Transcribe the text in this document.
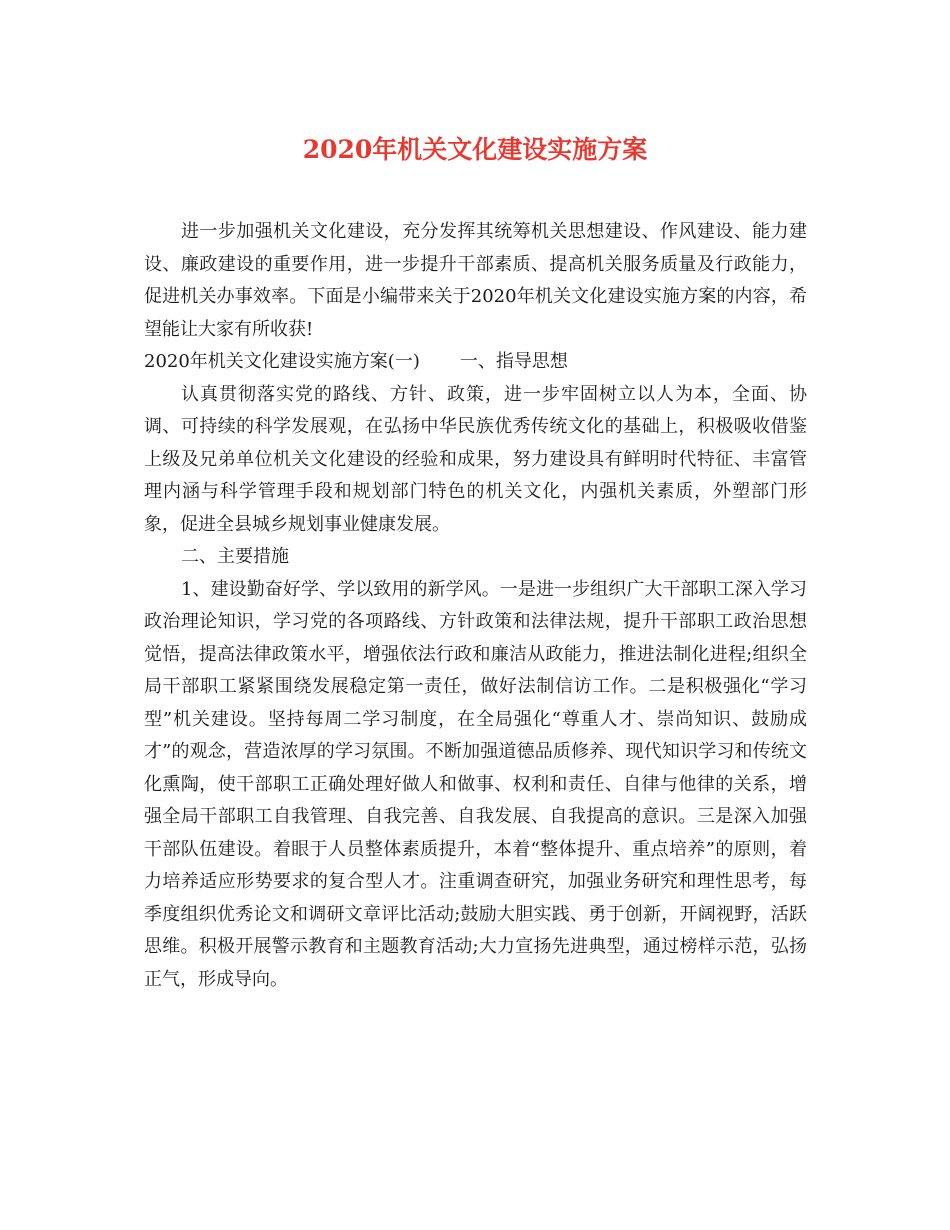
2020年机关文化建设实施方案

进一步加强机关文化建设，充分发挥其统筹机关思想建设、作风建设、能力建设、廉政建设的重要作用，进一步提升干部素质、提高机关服务质量及行政能力，促进机关办事效率。下面是小编带来关于2020年机关文化建设实施方案的内容，希望能让大家有所收获!

2020年机关文化建设实施方案(一) 一、指导思想

认真贯彻落实党的路线、方针、政策，进一步牢固树立以人为本，全面、协调、可持续的科学发展观，在弘扬中华民族优秀传统文化的基础上，积极吸收借鉴上级及兄弟单位机关文化建设的经验和成果，努力建设具有鲜明时代特征、丰富管理内涵与科学管理手段和规划部门特色的机关文化，内强机关素质，外塑部门形象，促进全县城乡规划事业健康发展。

二、主要措施

1、建设勤奋好学、学以致用的新学风。一是进一步组织广大干部职工深入学习政治理论知识，学习党的各项路线、方针政策和法律法规，提升干部职工政治思想觉悟，提高法律政策水平，增强依法行政和廉洁从政能力，推进法制化进程;组织全局干部职工紧紧围绕发展稳定第一责任，做好法制信访工作。二是积极强化“学习型”机关建设。坚持每周二学习制度，在全局强化“尊重人才、崇尚知识、鼓励成才”的观念，营造浓厚的学习氛围。不断加强道德品质修养、现代知识学习和传统文化熏陶，使干部职工正确处理好做人和做事、权利和责任、自律与他律的关系，增强全局干部职工自我管理、自我完善、自我发展、自我提高的意识。三是深入加强干部队伍建设。着眼于人员整体素质提升，本着“整体提升、重点培养”的原则，着力培养适应形势要求的复合型人才。注重调查研究，加强业务研究和理性思考，每季度组织优秀论文和调研文章评比活动;鼓励大胆实践、勇于创新，开阔视野，活跃思维。积极开展警示教育和主题教育活动;大力宣扬先进典型，通过榜样示范，弘扬正气，形成导向。
